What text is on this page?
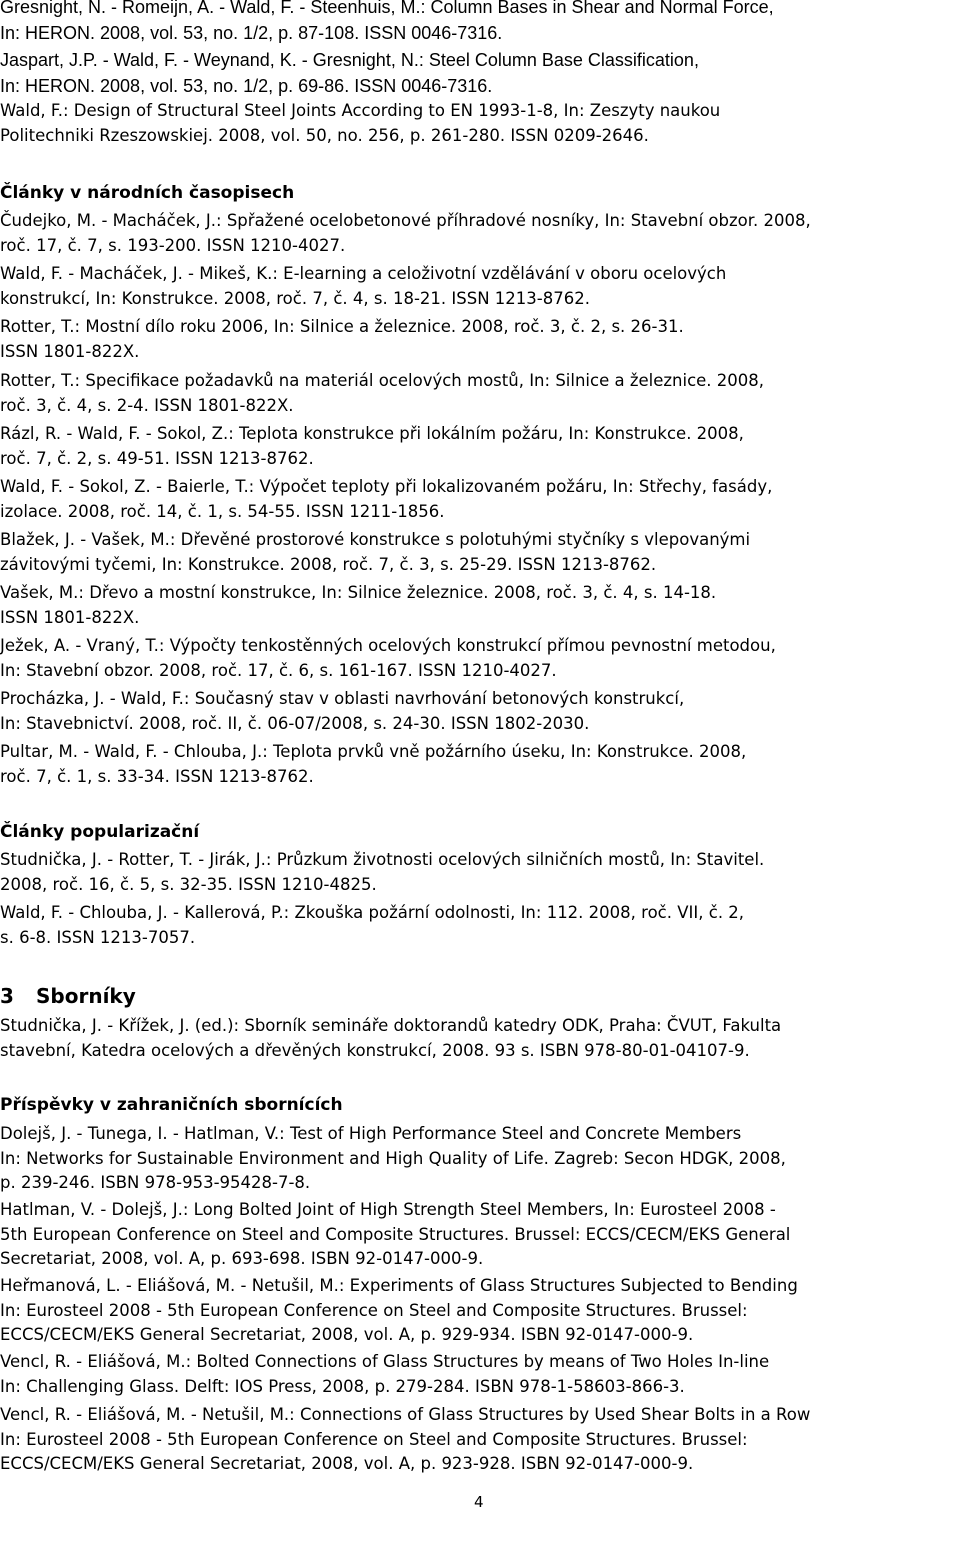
Gresnight, N. - Romeijn, A. - Wald, F. - Steenhuis, M.: Column Bases in Shear and Normal Force,
In: HERON. 2008, vol. 53, no. 1/2, p. 87-108. ISSN 0046-7316.
Jaspart, J.P. - Wald, F. - Weynand, K. - Gresnight, N.: Steel Column Base Classification,
In: HERON. 2008, vol. 53, no. 1/2, p. 69-86. ISSN 0046-7316.
Wald, F.: Design of Structural Steel Joints According to EN 1993-1-8, In: Zeszyty naukou
Politechniki Rzeszowskiej. 2008, vol. 50, no. 256, p. 261-280. ISSN 0209-2646.
Články v národních časopisech
Čudejko, M. - Macháček, J.: Spřažené ocelobetonové příhradové nosníky, In: Stavební obzor. 2008,
roč. 17, č. 7, s. 193-200. ISSN 1210-4027.
Wald, F. - Macháček, J. - Mikeš, K.: E-learning a celoživotní vzdělávání v oboru ocelových
konstrukcí, In: Konstrukce. 2008, roč. 7, č. 4, s. 18-21. ISSN 1213-8762.
Rotter, T.: Mostní dílo roku 2006, In: Silnice a železnice. 2008, roč. 3, č. 2, s. 26-31.
ISSN 1801-822X.
Rotter, T.: Specifikace požadavků na materiál ocelových mostů, In: Silnice a železnice. 2008,
roč. 3, č. 4, s. 2-4. ISSN 1801-822X.
Rázl, R. - Wald, F. - Sokol, Z.: Teplota konstrukce při lokálním požáru, In: Konstrukce. 2008,
roč. 7, č. 2, s. 49-51. ISSN 1213-8762.
Wald, F. - Sokol, Z. - Baierle, T.: Výpočet teploty při lokalizovaném požáru, In: Střechy, fasády,
izolace. 2008, roč. 14, č. 1, s. 54-55. ISSN 1211-1856.
Blažek, J. - Vašek, M.: Dřevěné prostorové konstrukce s polotuhými styčníky s vlepovanými
závitovými tyčemi, In: Konstrukce. 2008, roč. 7, č. 3, s. 25-29. ISSN 1213-8762.
Vašek, M.: Dřevo a mostní konstrukce, In: Silnice železnice. 2008, roč. 3, č. 4, s. 14-18.
ISSN 1801-822X.
Ježek, A. - Vraný, T.: Výpočty tenkostěnných ocelových konstrukcí přímou pevnostní metodou,
In: Stavební obzor. 2008, roč. 17, č. 6, s. 161-167. ISSN 1210-4027.
Procházka, J. - Wald, F.: Současný stav v oblasti navrhování betonových konstrukcí,
In: Stavebnictví. 2008, roč. II, č. 06-07/2008, s. 24-30. ISSN 1802-2030.
Pultar, M. - Wald, F. - Chlouba, J.: Teplota prvků vně požárního úseku, In: Konstrukce. 2008,
roč. 7, č. 1, s. 33-34. ISSN 1213-8762.
Články popularizační
Studnička, J. - Rotter, T. - Jirák, J.: Průzkum životnosti ocelových silničních mostů, In: Stavitel.
2008, roč. 16, č. 5, s. 32-35. ISSN 1210-4825.
Wald, F. - Chlouba, J. - Kallerová, P.: Zkouška požární odolnosti, In: 112. 2008, roč. VII, č. 2,
s. 6-8. ISSN 1213-7057.
3 Sborníky
Studnička, J. - Křížek, J. (ed.): Sborník semináře doktorandů katedry ODK, Praha: ČVUT, Fakulta
stavební, Katedra ocelových a dřevěných konstrukcí, 2008. 93 s. ISBN 978-80-01-04107-9.
Příspěvky v zahraničních sbornících
Dolejš, J. - Tunega, I. - Hatlman, V.: Test of High Performance Steel and Concrete Members
In: Networks for Sustainable Environment and High Quality of Life. Zagreb: Secon HDGK, 2008,
p. 239-246. ISBN 978-953-95428-7-8.
Hatlman, V. - Dolejš, J.: Long Bolted Joint of High Strength Steel Members, In: Eurosteel 2008 -
5th European Conference on Steel and Composite Structures. Brussel: ECCS/CECM/EKS General
Secretariat, 2008, vol. A, p. 693-698. ISBN 92-0147-000-9.
Heřmanová, L. - Eliášová, M. - Netušil, M.: Experiments of Glass Structures Subjected to Bending
In: Eurosteel 2008 - 5th European Conference on Steel and Composite Structures. Brussel:
ECCS/CECM/EKS General Secretariat, 2008, vol. A, p. 929-934. ISBN 92-0147-000-9.
Vencl, R. - Eliášová, M.: Bolted Connections of Glass Structures by means of Two Holes In-line
In: Challenging Glass. Delft: IOS Press, 2008, p. 279-284. ISBN 978-1-58603-866-3.
Vencl, R. - Eliášová, M. - Netušil, M.: Connections of Glass Structures by Used Shear Bolts in a Row
In: Eurosteel 2008 - 5th European Conference on Steel and Composite Structures. Brussel:
ECCS/CECM/EKS General Secretariat, 2008, vol. A, p. 923-928. ISBN 92-0147-000-9.
4
